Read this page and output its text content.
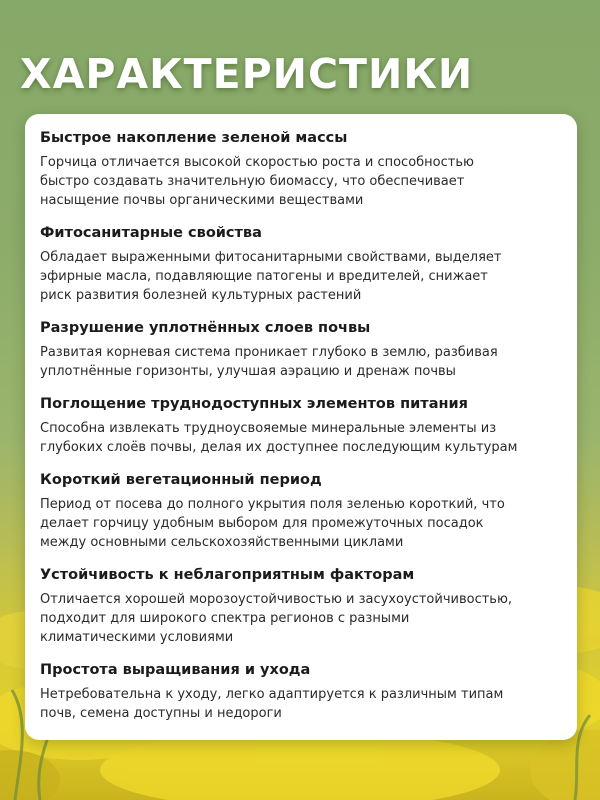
ХАРАКТЕРИСТИКИ
Быстрое накопление зеленой массы

Горчица отличается высокой скоростью роста и способностью
быстро создавать значительную биомассу, что обеспечивает
насыщение почвы органическими веществами

Фитосанитарные свойства

Обладает выраженными фитосанитарными свойствами, выделяет
эфирные масла, подавляющие патогены и вредителей, снижает
риск развития болезней культурных растений

Разрушение уплотнённых слоев почвы

Развитая корневая система проникает глубоко в землю, разбивая
уплотнённые горизонты, улучшая аэрацию и дренаж почвы

Поглощение труднодоступных элементов питания

Способна извлекать трудноусвояемые минеральные элементы из
глубоких слоёв почвы, делая их доступнее последующим культурам

Короткий вегетационный период

Период от посева до полного укрытия поля зеленью короткий, что
делает горчицу удобным выбором для промежуточных посадок
между основными сельскохозяйственными циклами

Устойчивость к неблагоприятным факторам

Отличается хорошей морозоустойчивостью и засухоустойчивостью,
подходит для широкого спектра регионов с разными
климатическими условиями

Простота выращивания и ухода

Нетребовательна к уходу, легко адаптируется к различным типам
почв, семена доступны и недороги
